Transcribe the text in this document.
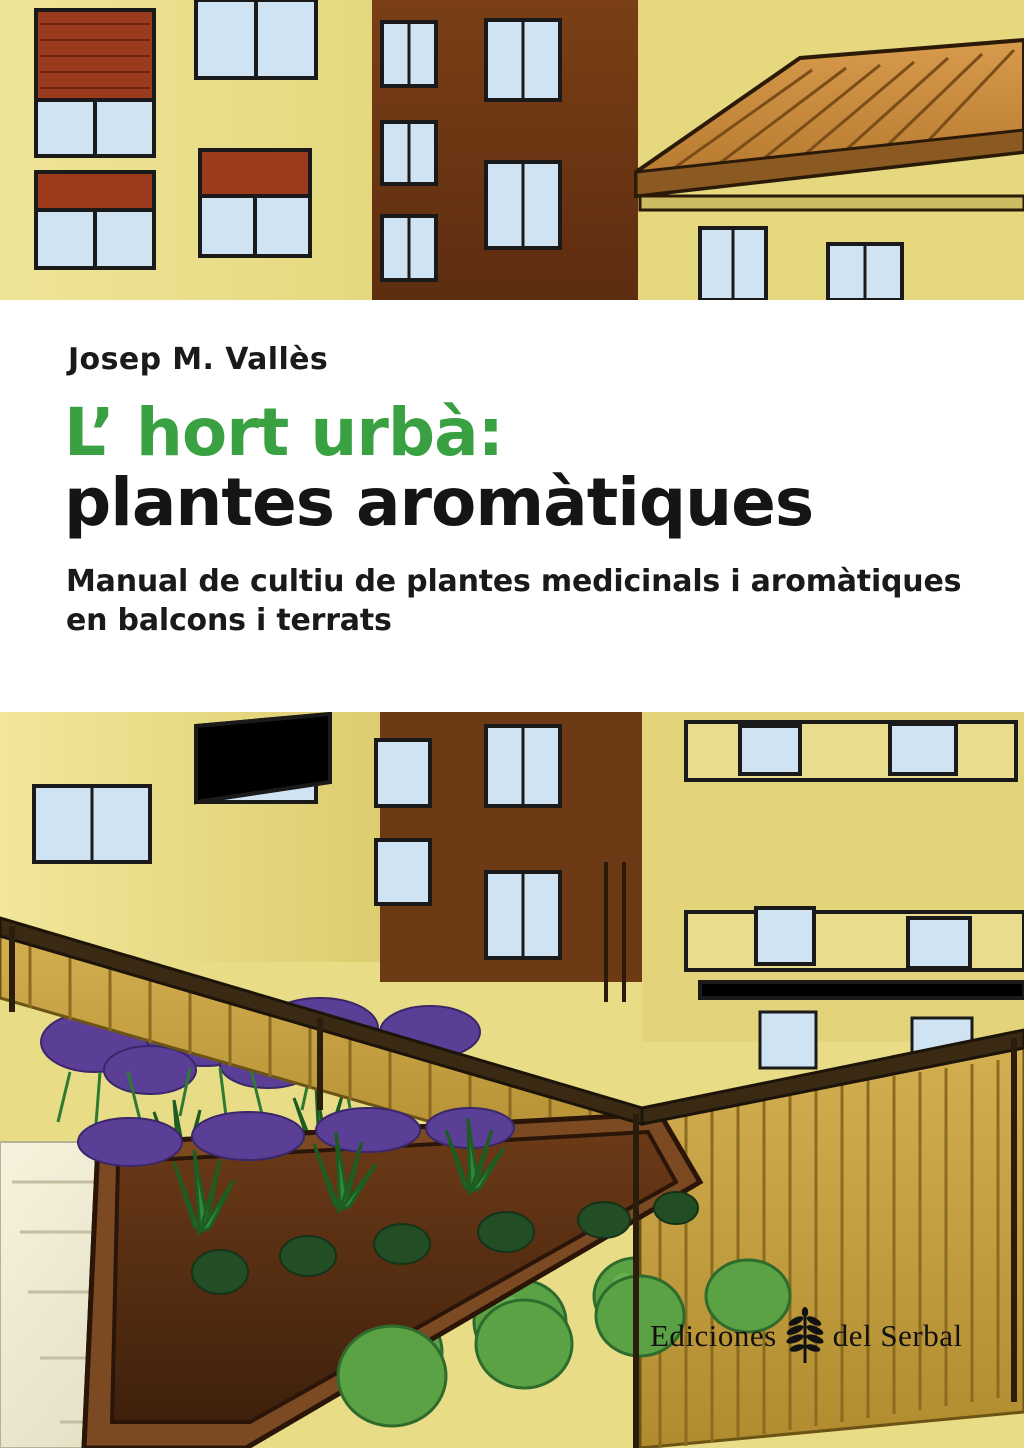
Josep M. Vallès
L’ hort urbà:
plantes aromàtiques
Manual de cultiu de plantes medicinals i aromàtiques en balcons i terrats
Ediciones del Serbal
